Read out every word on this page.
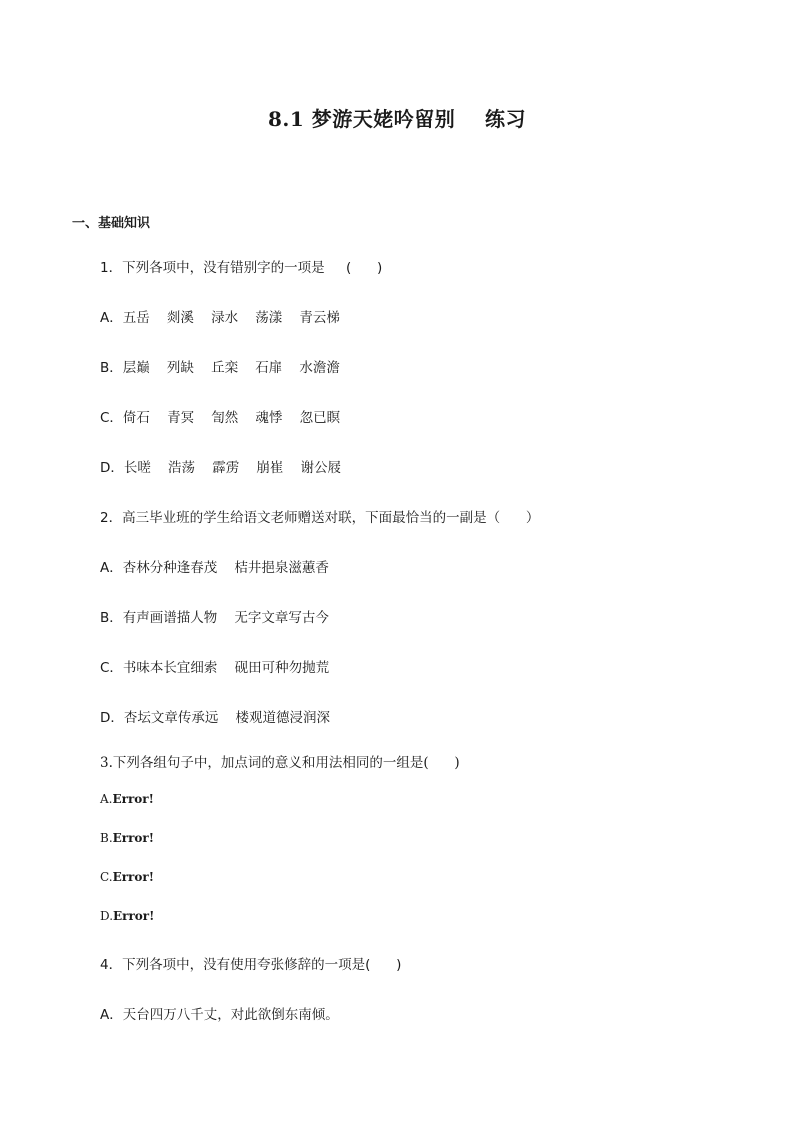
8.1 梦游天姥吟留别    练习
一、基础知识
1．下列各项中，没有错别字的一项是     (      )
A．五岳    剡溪    渌水    荡漾    青云梯
B．层巅    列缺    丘栾    石扉    水澹澹
C．倚石    青冥    訇然    魂悸    忽已瞑
D．长嗟    浩荡    霹雳    崩崔    谢公屐
2．高三毕业班的学生给语文老师赠送对联，下面最恰当的一副是（      ）
A．杏林分种逢春茂    桔井挹泉滋蕙香
B．有声画谱描人物    无字文章写古今
C．书味本长宜细索    砚田可种勿抛荒
D．杏坛文章传承远    楼观道德浸润深
3.下列各组句子中，加点词的意义和用法相同的一组是(      )
A.Error!
B.Error!
C.Error!
D.Error!
4．下列各项中，没有使用夸张修辞的一项是(      )
A．天台四万八千丈，对此欲倒东南倾。
